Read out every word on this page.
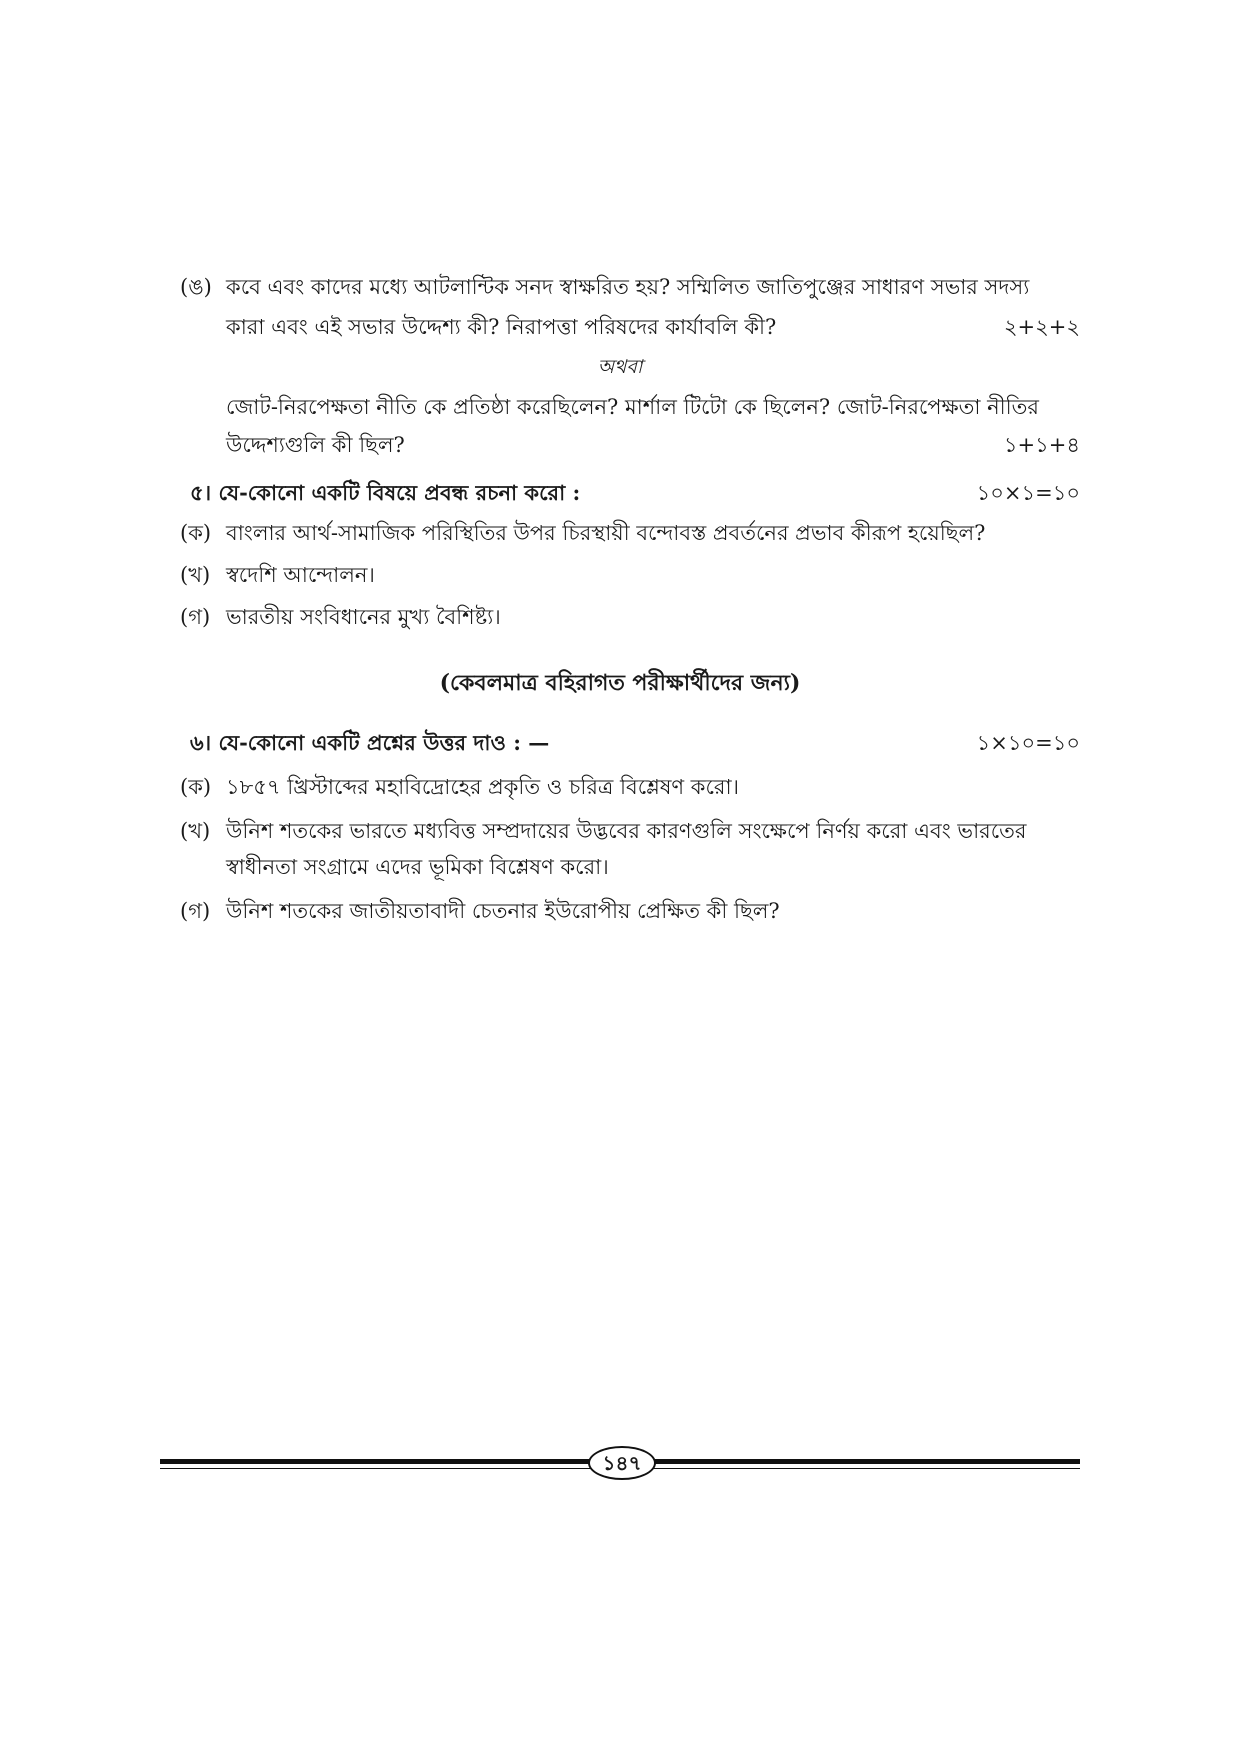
(ঙ) কবে এবং কাদের মধ্যে আটলান্টিক সনদ স্বাক্ষরিত হয়? সম্মিলিত জাতিপুঞ্জের সাধারণ সভার সদস্য
কারা এবং এই সভার উদ্দেশ্য কী? নিরাপত্তা পরিষদের কার্যাবলি কী?	২+২+২
অথবা
জোট-নিরপেক্ষতা নীতি কে প্রতিষ্ঠা করেছিলেন? মার্শাল টিটো কে ছিলেন? জোট-নিরপেক্ষতা নীতির
উদ্দেশ্যগুলি কী ছিল?	১+১+৪
৫। যে-কোনো একটি বিষয়ে প্রবন্ধ রচনা করো :	১০×১=১০
(ক) বাংলার আর্থ-সামাজিক পরিস্থিতির উপর চিরস্থায়ী বন্দোবস্ত প্রবর্তনের প্রভাব কীরূপ হয়েছিল?
(খ) স্বদেশি আন্দোলন।
(গ) ভারতীয় সংবিধানের মুখ্য বৈশিষ্ট্য।
(কেবলমাত্র বহিরাগত পরীক্ষার্থীদের জন্য)
৬। যে-কোনো একটি প্রশ্নের উত্তর দাও : —	১×১০=১০
(ক) ১৮৫৭ খ্রিস্টাব্দের মহাবিদ্রোহের প্রকৃতি ও চরিত্র বিশ্লেষণ করো।
(খ) উনিশ শতকের ভারতে মধ্যবিত্ত সম্প্রদায়ের উদ্ভবের কারণগুলি সংক্ষেপে নির্ণয় করো এবং ভারতের
স্বাধীনতা সংগ্রামে এদের ভূমিকা বিশ্লেষণ করো।
(গ) উনিশ শতকের জাতীয়তাবাদী চেতনার ইউরোপীয় প্রেক্ষিত কী ছিল?
১৪৭
